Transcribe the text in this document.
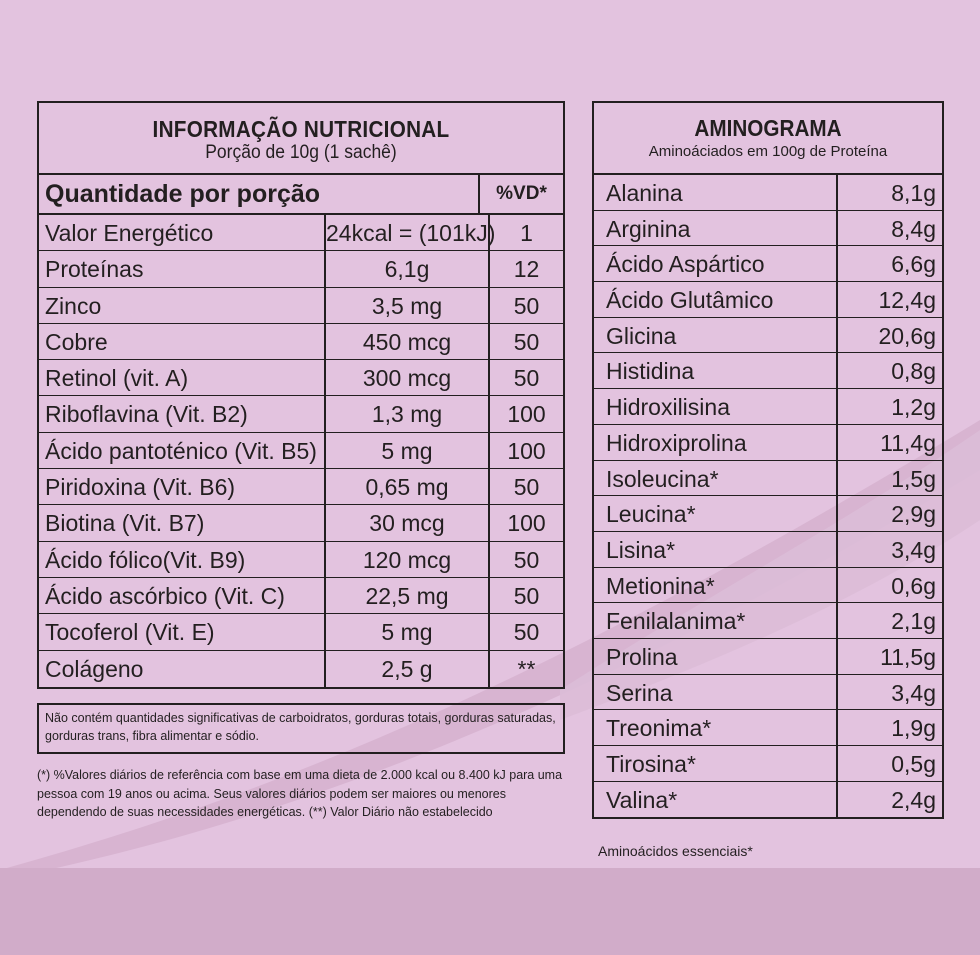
INFORMAÇÃO NUTRICIONAL
Porção de 10g (1 sachê)
Quantidade por porção	%VD*
Valor Energético	24kcal = (101kJ)	1
Proteínas	6,1g	12
Zinco	3,5 mg	50
Cobre	450 mcg	50
Retinol (vit. A)	300 mcg	50
Riboflavina (Vit. B2)	1,3 mg	100
Ácido pantoténico (Vit. B5)	5 mg	100
Piridoxina (Vit. B6)	0,65 mg	50
Biotina (Vit. B7)	30 mcg	100
Ácido fólico(Vit. B9)	120 mcg	50
Ácido ascórbico (Vit. C)	22,5 mg	50
Tocoferol (Vit. E)	5 mg	50
Colágeno	2,5 g	**
Não contém quantidades significativas de carboidratos, gorduras totais, gorduras saturadas, gorduras trans, fibra alimentar e sódio.
(*) %Valores diários de referência com base em uma dieta de 2.000 kcal ou 8.400 kJ para uma pessoa com 19 anos ou acima. Seus valores diários podem ser maiores ou menores dependendo de suas necessidades energéticas. (**) Valor Diário não estabelecido
AMINOGRAMA
Aminoáciados em 100g de Proteína
Alanina	8,1g
Arginina	8,4g
Ácido Aspártico	6,6g
Ácido Glutâmico	12,4g
Glicina	20,6g
Histidina	0,8g
Hidroxilisina	1,2g
Hidroxiprolina	11,4g
Isoleucina*	1,5g
Leucina*	2,9g
Lisina*	3,4g
Metionina*	0,6g
Fenilalanima*	2,1g
Prolina	11,5g
Serina	3,4g
Treonima*	1,9g
Tirosina*	0,5g
Valina*	2,4g
Aminoácidos essenciais*
